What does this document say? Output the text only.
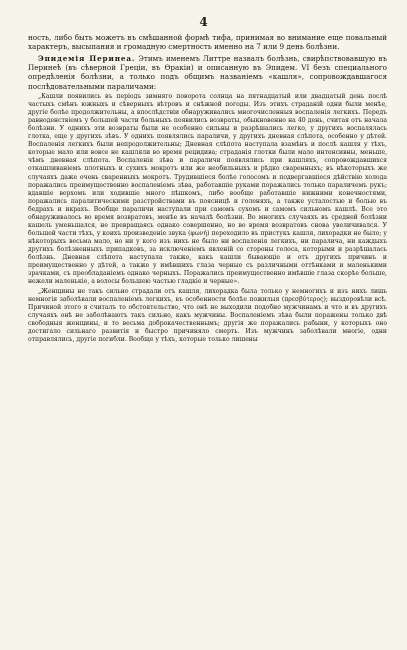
4

ность, либо быть можетъ въ смѣшанной формѣ тифа, принимая во внимание еще повальный характеръ, высыпания и громадную смертность именно на 7 или 9 день болѣзни.

Эпидемія Перинеа. Этимъ именемъ Литтре назвалъ болѣзнь, свирѣпствовавшую въ Перинеѣ (въ сѣверной Греціи, въ Ѳракіи) и описанную въ Эпидем. VI безъ специального опредѣленія болѣзни, а только подъ общимъ названіемъ «кашля», сопровождавшагося послѣдовательными параличами:

„Кашли появились въ періодъ зимняго поворота солнца на пятнадцатый или двадцатый день послѣ частыхъ смѣнъ южныхъ и сѣверныхъ вѣтровъ и снѣжной погоды. Изъ этихъ страданій одни были менѣе, другіе болѣе продолжительны, а впослѣдствіи обнаруживались многочисленныя воспаленія легкихъ. Передъ равноденствіемъ у большей части больныхъ появились возвраты, обыкновенно на 40 день, считая отъ начала болѣзни. У однихъ эти возвраты были не особенно сильны и разрѣшались легко, у другихъ воспалялась глотка, еще у другихъ зѣвъ. У однихъ появлялись параличи, у другихъ дневная слѣпота, особенно у дѣтей. Воспаленія легкихъ были непродолжительны; Дневная слѣпота наступала взамѣнъ и послѣ кашля у тѣхъ, которые мало или вовсе не кашляли во время рецидива; страданія глотки были мало интенсивны, меньше, чѣмъ дневная слѣпота. Воспаленія зѣва и параличи появлялись при кашляхъ, сопровождавшихся откашливаніемъ плотныхъ и сухихъ мокротъ или же необильныхъ и рѣдко сваренныхъ; въ нѣкоторыхъ же случаяхъ даже очень сваренныхъ мокротъ. Трудившіеся болѣе голосомъ и подвергавшіеся дѣйствію холода поражались преимущественно воспаленіемъ зѣва, работавшіе руками поражались только параличемъ рукъ; вдавшіе верхомъ или ходившіе много пѣшкомъ, либо вообще работавшіе нижними конечностями, поражались паралитическими разстройствами въ поясницѣ и голеняхъ, а также усталостью и болью въ бедрахъ и икрахъ. Вообще параличи наступали при самомъ сухомъ и самомъ сильномъ кашлѣ. Все это обнаруживалось во время возвратовъ, менѣе въ началѣ болѣзни. Во многихъ случаяхъ въ средней болѣзни кашель уменьшался, не превращаясь однако совершенно, но во время возвратовъ снова увеличивался. У большей части тѣхъ, у коихъ произведеніе звука (φωνή) переходило въ пристукъ кашля, лихорадки не было; у нѣкоторыхъ весьма мало, но ни у кого изъ нихъ не было ни воспаленія легкихъ, ни паралича, ни каждыхъ другихъ болѣзненныхъ припадковъ, за исключеніемъ явленій со стороны голоса, которыми и разрѣшалась болѣзнь. Дневная слѣпота наступала также, какъ кашли бывающіе и отъ другихъ причинъ и преимущественно у дѣтей, а также у имѣвшихъ глаза черные съ различными оттѣнками и маленькими зрачками, съ преобладаніемъ однако черныхъ. Поражались преимущественно имѣвшіе глаза скорѣе больше, нежели маленькіе, а волосы большею частью гладкіе и черные».

„Женщины не такъ сильно страдали отъ кашля, лихорадка была только у немногихъ и изъ нихъ лишь немногія заболѣвали воспаленіемъ легкихъ, въ особенности болѣе пожилыя (πρεσβύτερος); выздоровѣли всѣ. Причиной этого я считалъ то обстоятельство, что онѣ не выходили подобно мужчинамъ и что и въ другихъ случаяхъ онѣ не заболѣваютъ такъ сильно, какъ мужчины. Воспаленіемъ зѣва были поражены только двѣ свободныя женщины, и то весьма доброкачественнымъ; другія же поражались рабыни, у которыхъ оно достигало сильнаго развитія и быстро причиняло смерть. Изъ мужчинъ заболѣвали многіе, одни отправлялись, другіе погибли. Вообще у тѣхъ, которые только лишены
